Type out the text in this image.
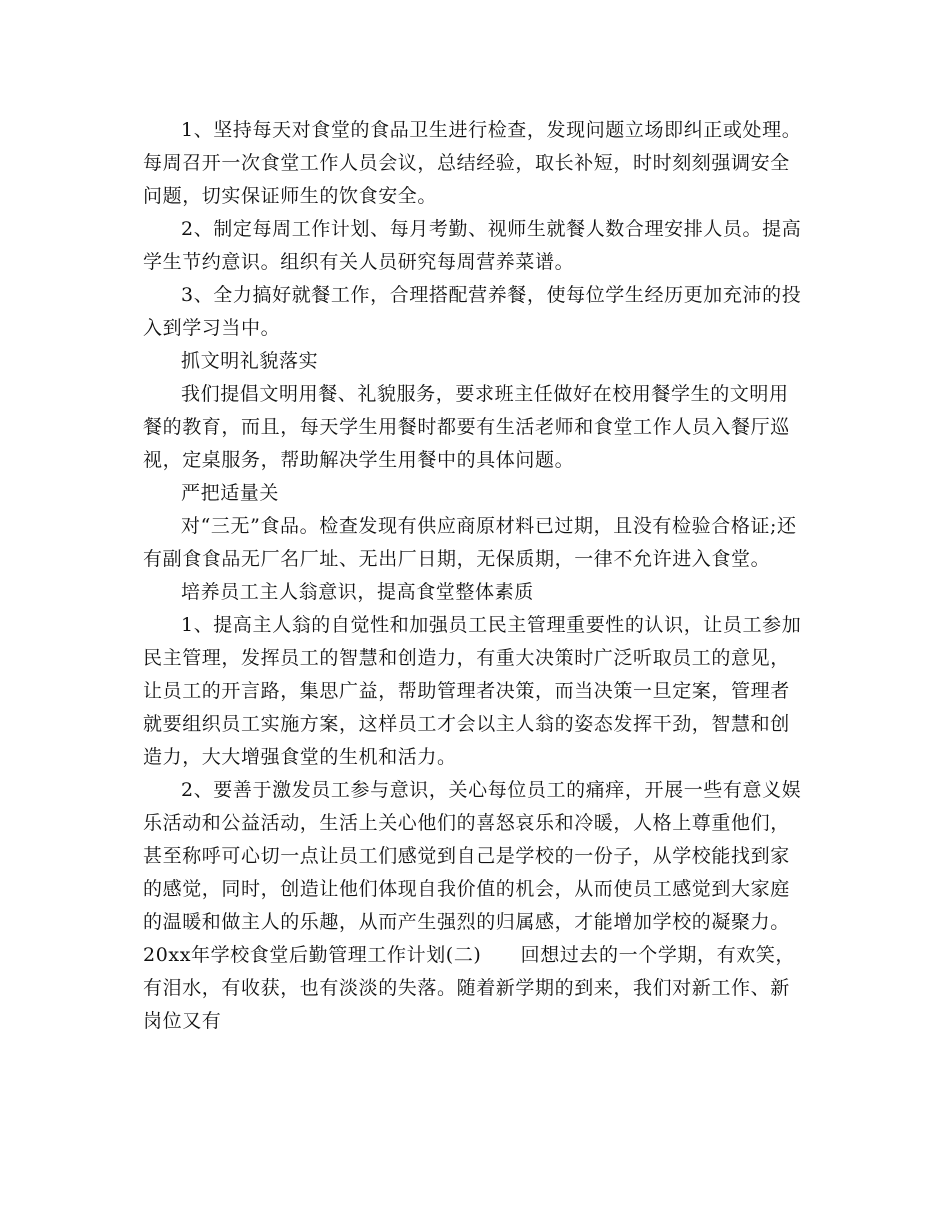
1、坚持每天对食堂的食品卫生进行检查，发现问题立场即纠正或处理。每周召开一次食堂工作人员会议，总结经验，取长补短，时时刻刻强调安全问题，切实保证师生的饮食安全。

2、制定每周工作计划、每月考勤、视师生就餐人数合理安排人员。提高学生节约意识。组织有关人员研究每周营养菜谱。

3、全力搞好就餐工作，合理搭配营养餐，使每位学生经历更加充沛的投入到学习当中。

抓文明礼貌落实

我们提倡文明用餐、礼貌服务，要求班主任做好在校用餐学生的文明用餐的教育，而且，每天学生用餐时都要有生活老师和食堂工作人员入餐厅巡视，定桌服务，帮助解决学生用餐中的具体问题。

严把适量关

对“三无”食品。检查发现有供应商原材料已过期，且没有检验合格证;还有副食食品无厂名厂址、无出厂日期，无保质期，一律不允许进入食堂。

培养员工主人翁意识，提高食堂整体素质

1、提高主人翁的自觉性和加强员工民主管理重要性的认识，让员工参加民主管理，发挥员工的智慧和创造力，有重大决策时广泛听取员工的意见，让员工的开言路，集思广益，帮助管理者决策，而当决策一旦定案，管理者就要组织员工实施方案，这样员工才会以主人翁的姿态发挥干劲，智慧和创造力，大大增强食堂的生机和活力。

2、要善于激发员工参与意识，关心每位员工的痛痒，开展一些有意义娱乐活动和公益活动，生活上关心他们的喜怒哀乐和冷暖，人格上尊重他们，甚至称呼可心切一点让员工们感觉到自己是学校的一份子，从学校能找到家的感觉，同时，创造让他们体现自我价值的机会，从而使员工感觉到大家庭的温暖和做主人的乐趣，从而产生强烈的归属感，才能增加学校的凝聚力。

20xx年学校食堂后勤管理工作计划(二)　　回想过去的一个学期，有欢笑，有泪水，有收获，也有淡淡的失落。随着新学期的到来，我们对新工作、新岗位又有
